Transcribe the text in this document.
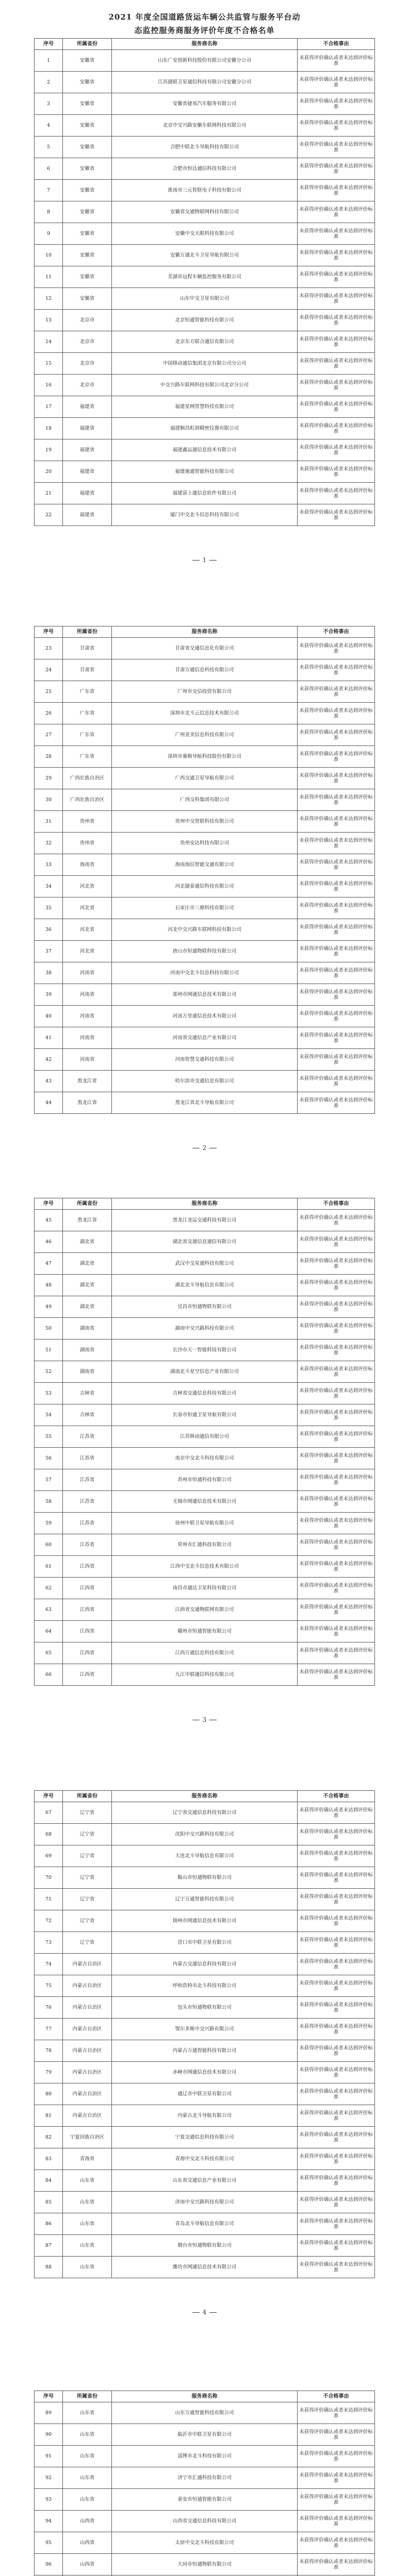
2021 年度全国道路货运车辆公共监管与服务平台动
态监控服务商服务评价年度不合格名单
序号	所属省份	服务商名称	不合格事由
1	安徽省	山东广安创新科技股份有限公司安徽分公司	未获得评价确认或者未达到评价标准
2	安徽省	江苏捷联卫星通信科技有限公司安徽分公司	未获得评价确认或者未达到评价标准
3	安徽省	安徽省捷易汽车服务有限公司	未获得评价确认或者未达到评价标准
4	安徽省	北京中交兴路安徽车联网科技有限公司	未获得评价确认或者未达到评价标准
5	安徽省	合肥中联北斗导航科技有限公司	未获得评价确认或者未达到评价标准
6	安徽省	合肥市恒达通信科技有限公司	未获得评价确认或者未达到评价标准
7	安徽省	淮南市三元智联电子科技有限公司	未获得评价确认或者未达到评价标准
8	安徽省	安徽省交通物联网科技有限公司	未获得评价确认或者未达到评价标准
9	安徽省	安徽中交天眼科技有限公司	未获得评价确认或者未达到评价标准
10	安徽省	安徽万通北斗卫星导航有限公司	未获得评价确认或者未达到评价标准
11	安徽省	芜湖市远程车辆监控服务有限公司	未获得评价确认或者未达到评价标准
12	安徽省	山东中交卫星有限公司	未获得评价确认或者未达到评价标准
13	北京市	北京恒通智能科技有限公司	未获得评价确认或者未达到评价标准
14	北京市	北京东方联合通信有限公司	未获得评价确认或者未达到评价标准
15	北京市	中国移动通信集团北京有限公司分公司	未获得评价确认或者未达到评价标准
16	北京市	中交兴路车联网科技有限公司北京分公司	未获得评价确认或者未达到评价标准
17	福建省	福建星网智慧科技有限公司	未获得评价确认或者未达到评价标准
18	福建省	福建顺昌虹润精密仪器有限公司	未获得评价确认或者未达到评价标准
19	福建省	福建鑫运通信息技术有限公司	未获得评价确认或者未达到评价标准
20	福建省	福建驰通智能科技有限公司	未获得评价确认或者未达到评价标准
21	福建省	福建富士通信息软件有限公司	未获得评价确认或者未达到评价标准
22	福建省	厦门中交北斗信息科技有限公司	未获得评价确认或者未达到评价标准
1
序号	所属省份	服务商名称	不合格事由
23	甘肃省	甘肃省交通信息化有限公司	未获得评价确认或者未达到评价标准
24	甘肃省	甘肃万通信息科技有限公司	未获得评价确认或者未达到评价标准
25	广东省	广州市交信投资有限公司	未获得评价确认或者未达到评价标准
26	广东省	深圳市北斗云信息技术有限公司	未获得评价确认或者未达到评价标准
27	广东省	广州亚美信息科技有限公司	未获得评价确认或者未达到评价标准
28	广东省	深圳市赛格导航科技股份有限公司	未获得评价确认或者未达到评价标准
29	广西壮族自治区	广西交通卫星导航有限公司	未获得评价确认或者未达到评价标准
30	广西壮族自治区	广西交科集团有限公司	未获得评价确认或者未达到评价标准
31	贵州省	贵州中交智联科技有限公司	未获得评价确认或者未达到评价标准
32	贵州省	贵州安达科技有限公司	未获得评价确认或者未达到评价标准
33	海南省	海南海信智能交通有限公司	未获得评价确认或者未达到评价标准
34	河北省	河北捷泰通信科技有限公司	未获得评价确认或者未达到评价标准
35	河北省	石家庄市三鼎科技有限公司	未获得评价确认或者未达到评价标准
36	河北省	河北中交兴路车联网科技有限公司	未获得评价确认或者未达到评价标准
37	河北省	唐山市恒通物联科技有限公司	未获得评价确认或者未达到评价标准
38	河南省	河南中交北斗信息科技有限公司	未获得评价确认或者未达到评价标准
39	河南省	郑州市网通信息技术有限公司	未获得评价确认或者未达到评价标准
40	河南省	河南万里通信息技术有限公司	未获得评价确认或者未达到评价标准
41	河南省	河南省交通信息产业有限公司	未获得评价确认或者未达到评价标准
42	河南省	河南智慧交通科技有限公司	未获得评价确认或者未达到评价标准
43	黑龙江省	哈尔滨市交通信息有限公司	未获得评价确认或者未达到评价标准
44	黑龙江省	黑龙江省北斗导航有限公司	未获得评价确认或者未达到评价标准
2
序号	所属省份	服务商名称	不合格事由
45	黑龙江省	黑龙江龙运交通科技有限公司	未获得评价确认或者未达到评价标准
46	湖北省	湖北省交通信息通信有限公司	未获得评价确认或者未达到评价标准
47	湖北省	武汉中交星通科技有限公司	未获得评价确认或者未达到评价标准
48	湖北省	湖北北斗导航信息有限公司	未获得评价确认或者未达到评价标准
49	湖北省	宜昌市恒通物联有限公司	未获得评价确认或者未达到评价标准
50	湖南省	湖南中交兴路科技有限公司	未获得评价确认或者未达到评价标准
51	湖南省	长沙市天一智能科技有限公司	未获得评价确认或者未达到评价标准
52	湖南省	湖南北斗星空信息产业有限公司	未获得评价确认或者未达到评价标准
53	吉林省	吉林省交通信息科技有限公司	未获得评价确认或者未达到评价标准
54	吉林省	长春市恒通卫星导航有限公司	未获得评价确认或者未达到评价标准
55	江苏省	江苏移动通信有限公司	未获得评价确认或者未达到评价标准
56	江苏省	南京中交北斗科技有限公司	未获得评价确认或者未达到评价标准
57	江苏省	苏州市恒通科技有限公司	未获得评价确认或者未达到评价标准
58	江苏省	无锡市网通信息技术有限公司	未获得评价确认或者未达到评价标准
59	江苏省	徐州中联卫星导航有限公司	未获得评价确认或者未达到评价标准
60	江苏省	常州市汇通科技有限公司	未获得评价确认或者未达到评价标准
61	江西省	江西中交北斗信息技术有限公司	未获得评价确认或者未达到评价标准
62	江西省	南昌市通达卫星科技有限公司	未获得评价确认或者未达到评价标准
63	江西省	江西省交通物联网有限公司	未获得评价确认或者未达到评价标准
64	江西省	赣州市恒通智能有限公司	未获得评价确认或者未达到评价标准
65	江西省	江西万通信息科技有限公司	未获得评价确认或者未达到评价标准
66	江西省	九江中联通信科技有限公司	未获得评价确认或者未达到评价标准
3
序号	所属省份	服务商名称	不合格事由
67	辽宁省	辽宁省交通信息科技有限公司	未获得评价确认或者未达到评价标准
68	辽宁省	沈阳中交兴路科技有限公司	未获得评价确认或者未达到评价标准
69	辽宁省	大连北斗导航信息有限公司	未获得评价确认或者未达到评价标准
70	辽宁省	鞍山市恒通物联有限公司	未获得评价确认或者未达到评价标准
71	辽宁省	辽宁万通智能科技有限公司	未获得评价确认或者未达到评价标准
72	辽宁省	锦州市网通信息技术有限公司	未获得评价确认或者未达到评价标准
73	辽宁省	营口市中联卫星有限公司	未获得评价确认或者未达到评价标准
74	内蒙古自治区	内蒙古交通信息科技有限公司	未获得评价确认或者未达到评价标准
75	内蒙古自治区	呼和浩特市北斗科技有限公司	未获得评价确认或者未达到评价标准
76	内蒙古自治区	包头市恒通物联有限公司	未获得评价确认或者未达到评价标准
77	内蒙古自治区	鄂尔多斯中交兴路有限公司	未获得评价确认或者未达到评价标准
78	内蒙古自治区	内蒙古万通智能科技有限公司	未获得评价确认或者未达到评价标准
79	内蒙古自治区	赤峰市网通信息技术有限公司	未获得评价确认或者未达到评价标准
80	内蒙古自治区	通辽市中联卫星有限公司	未获得评价确认或者未达到评价标准
81	内蒙古自治区	内蒙古北斗导航有限公司	未获得评价确认或者未达到评价标准
82	宁夏回族自治区	宁夏交通信息科技有限公司	未获得评价确认或者未达到评价标准
83	青海省	青海中交北斗科技有限公司	未获得评价确认或者未达到评价标准
84	山东省	山东省交通信息产业有限公司	未获得评价确认或者未达到评价标准
85	山东省	济南中交兴路科技有限公司	未获得评价确认或者未达到评价标准
86	山东省	青岛北斗导航信息有限公司	未获得评价确认或者未达到评价标准
87	山东省	烟台市恒通物联有限公司	未获得评价确认或者未达到评价标准
88	山东省	潍坊市网通信息技术有限公司	未获得评价确认或者未达到评价标准
4
序号	所属省份	服务商名称	不合格事由
89	山东省	山东万通智能科技有限公司	未获得评价确认或者未达到评价标准
90	山东省	临沂市中联卫星有限公司	未获得评价确认或者未达到评价标准
91	山东省	淄博市北斗科技有限公司	未获得评价确认或者未达到评价标准
92	山东省	济宁市汇通科技有限公司	未获得评价确认或者未达到评价标准
93	山东省	泰安市恒通智能有限公司	未获得评价确认或者未达到评价标准
94	山西省	山西省交通信息科技有限公司	未获得评价确认或者未达到评价标准
95	山西省	太原中交北斗科技有限公司	未获得评价确认或者未达到评价标准
96	山西省	大同市恒通物联有限公司	未获得评价确认或者未达到评价标准
